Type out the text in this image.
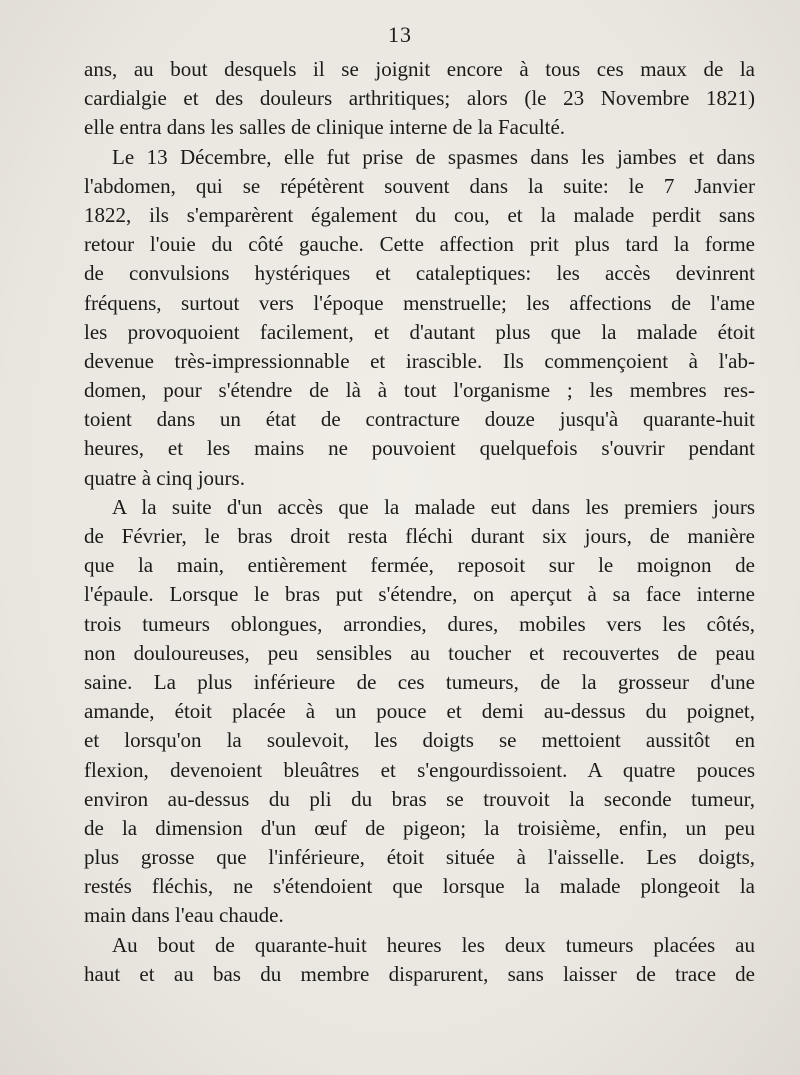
13
ans, au bout desquels il se joignit encore à tous ces maux de la
cardialgie et des douleurs arthritiques; alors (le 23 Novembre 1821)
elle entra dans les salles de clinique interne de la Faculté.
Le 13 Décembre, elle fut prise de spasmes dans les jambes et dans
l'abdomen, qui se répétèrent souvent dans la suite: le 7 Janvier
1822, ils s'emparèrent également du cou, et la malade perdit sans
retour l'ouie du côté gauche. Cette affection prit plus tard la forme
de convulsions hystériques et cataleptiques: les accès devinrent
fréquens, surtout vers l'époque menstruelle; les affections de l'ame
les provoquoient facilement, et d'autant plus que la malade étoit
devenue très-impressionnable et irascible. Ils commençoient à l'ab-
domen, pour s'étendre de là à tout l'organisme ; les membres res-
toient dans un état de contracture douze jusqu'à quarante-huit
heures, et les mains ne pouvoient quelquefois s'ouvrir pendant
quatre à cinq jours.
A la suite d'un accès que la malade eut dans les premiers jours
de Février, le bras droit resta fléchi durant six jours, de manière
que la main, entièrement fermée, reposoit sur le moignon de
l'épaule. Lorsque le bras put s'étendre, on aperçut à sa face interne
trois tumeurs oblongues, arrondies, dures, mobiles vers les côtés,
non douloureuses, peu sensibles au toucher et recouvertes de peau
saine. La plus inférieure de ces tumeurs, de la grosseur d'une
amande, étoit placée à un pouce et demi au-dessus du poignet,
et lorsqu'on la soulevoit, les doigts se mettoient aussitôt en
flexion, devenoient bleuâtres et s'engourdissoient. A quatre pouces
environ au-dessus du pli du bras se trouvoit la seconde tumeur,
de la dimension d'un œuf de pigeon; la troisième, enfin, un peu
plus grosse que l'inférieure, étoit située à l'aisselle. Les doigts,
restés fléchis, ne s'étendoient que lorsque la malade plongeoit la
main dans l'eau chaude.
Au bout de quarante-huit heures les deux tumeurs placées au
haut et au bas du membre disparurent, sans laisser de trace de
